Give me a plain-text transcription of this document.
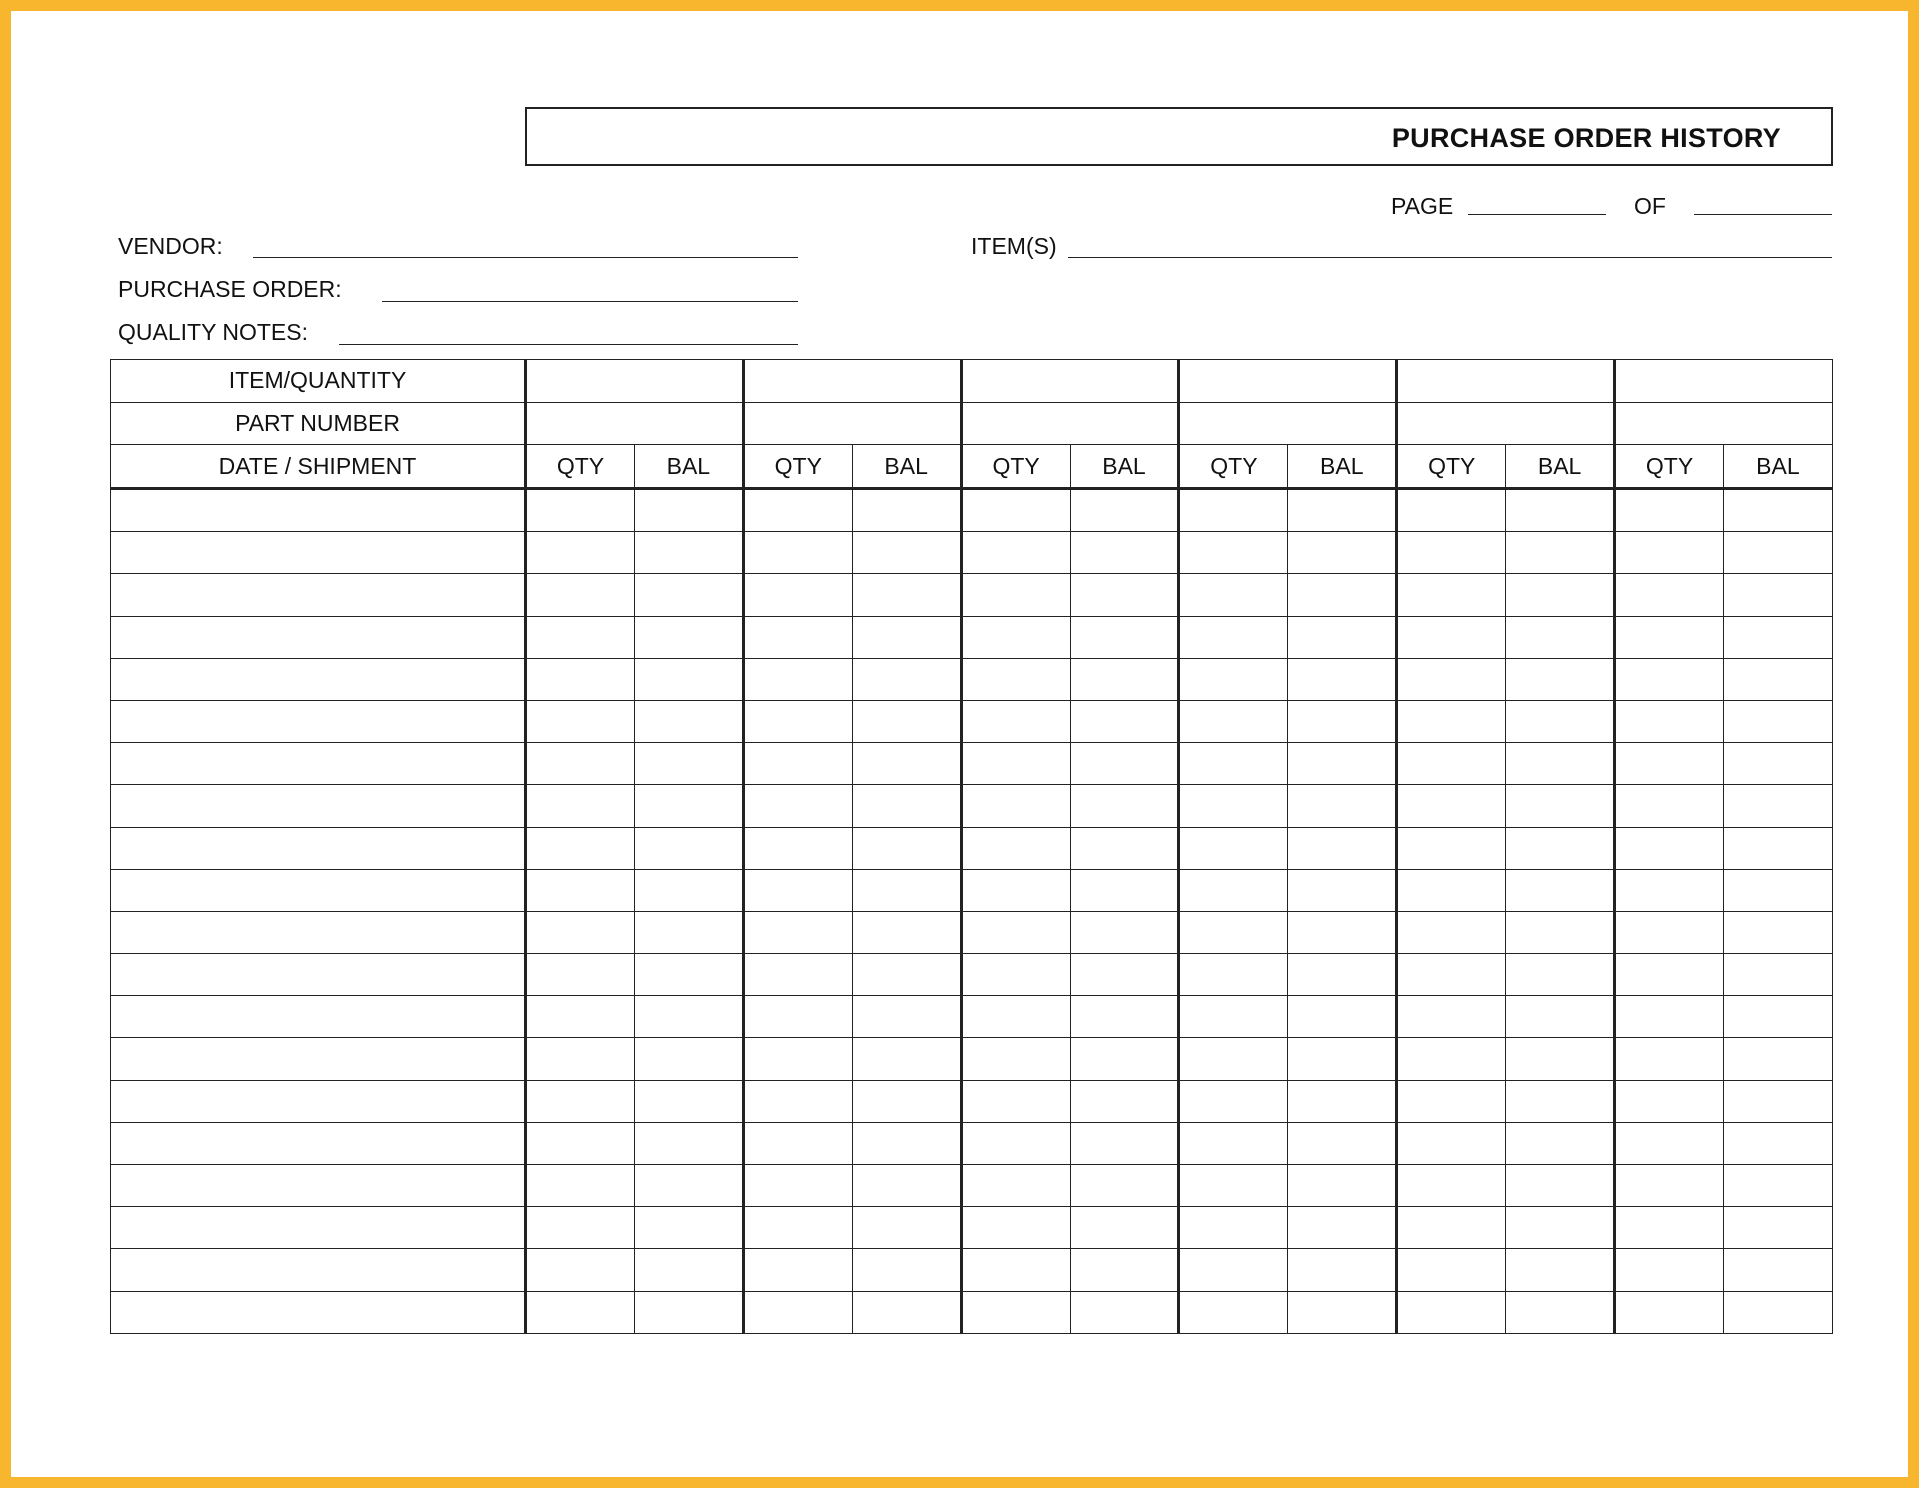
PURCHASE ORDER HISTORY
PAGE	OF
VENDOR:	ITEM(S)
PURCHASE ORDER:
QUALITY NOTES:
ITEM/QUANTITY												
PART NUMBER												
DATE / SHIPMENT	QTY	BAL	QTY	BAL	QTY	BAL	QTY	BAL	QTY	BAL	QTY	BAL
